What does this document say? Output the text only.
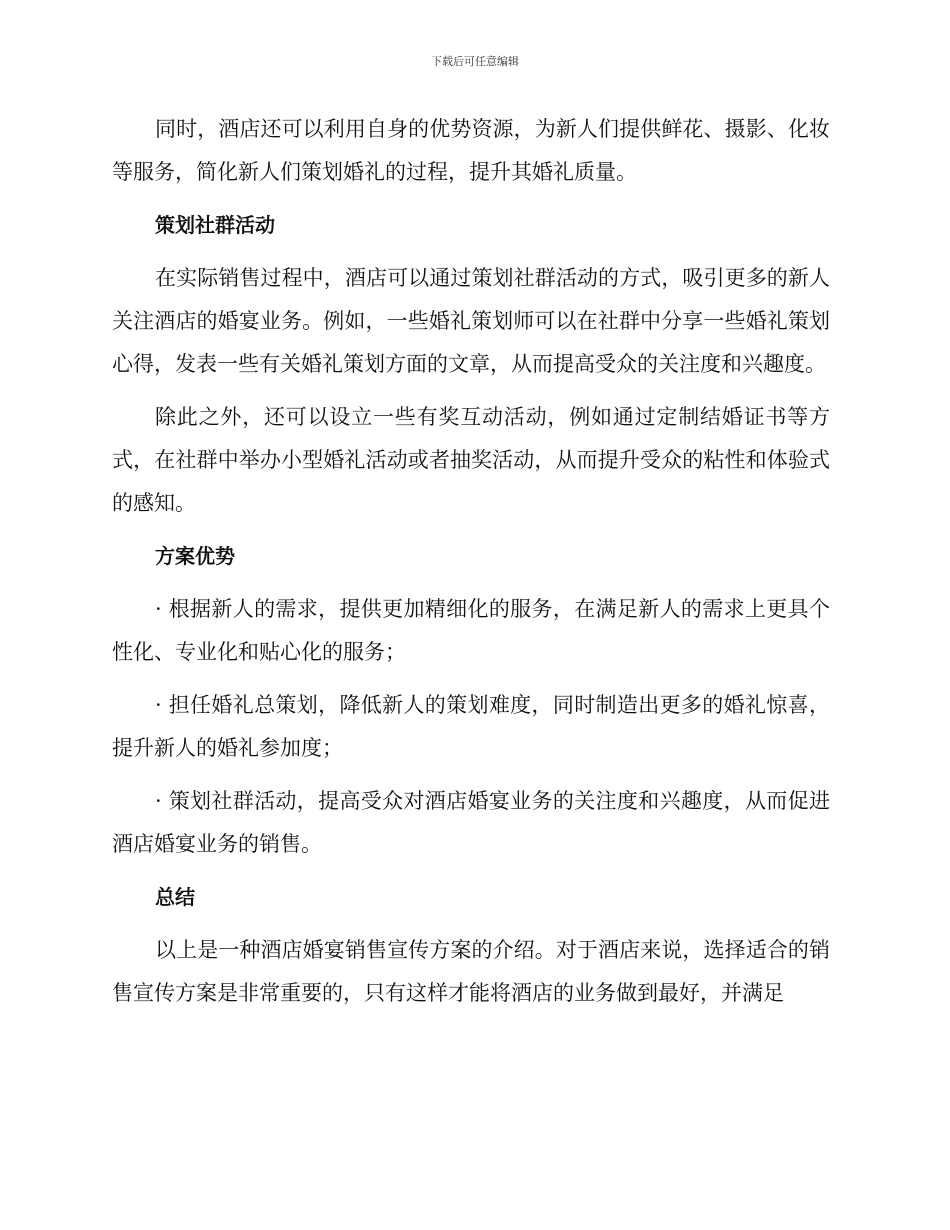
下载后可任意编辑

同时，酒店还可以利用自身的优势资源，为新人们提供鲜花、摄影、化妆等服务，简化新人们策划婚礼的过程，提升其婚礼质量。

策划社群活动

在实际销售过程中，酒店可以通过策划社群活动的方式，吸引更多的新人关注酒店的婚宴业务。例如，一些婚礼策划师可以在社群中分享一些婚礼策划心得，发表一些有关婚礼策划方面的文章，从而提高受众的关注度和兴趣度。

除此之外，还可以设立一些有奖互动活动，例如通过定制结婚证书等方式，在社群中举办小型婚礼活动或者抽奖活动，从而提升受众的粘性和体验式的感知。

方案优势

· 根据新人的需求，提供更加精细化的服务，在满足新人的需求上更具个性化、专业化和贴心化的服务；

· 担任婚礼总策划，降低新人的策划难度，同时制造出更多的婚礼惊喜，提升新人的婚礼参加度；

· 策划社群活动，提高受众对酒店婚宴业务的关注度和兴趣度，从而促进酒店婚宴业务的销售。

总结

以上是一种酒店婚宴销售宣传方案的介绍。对于酒店来说，选择适合的销售宣传方案是非常重要的，只有这样才能将酒店的业务做到最好，并满足
